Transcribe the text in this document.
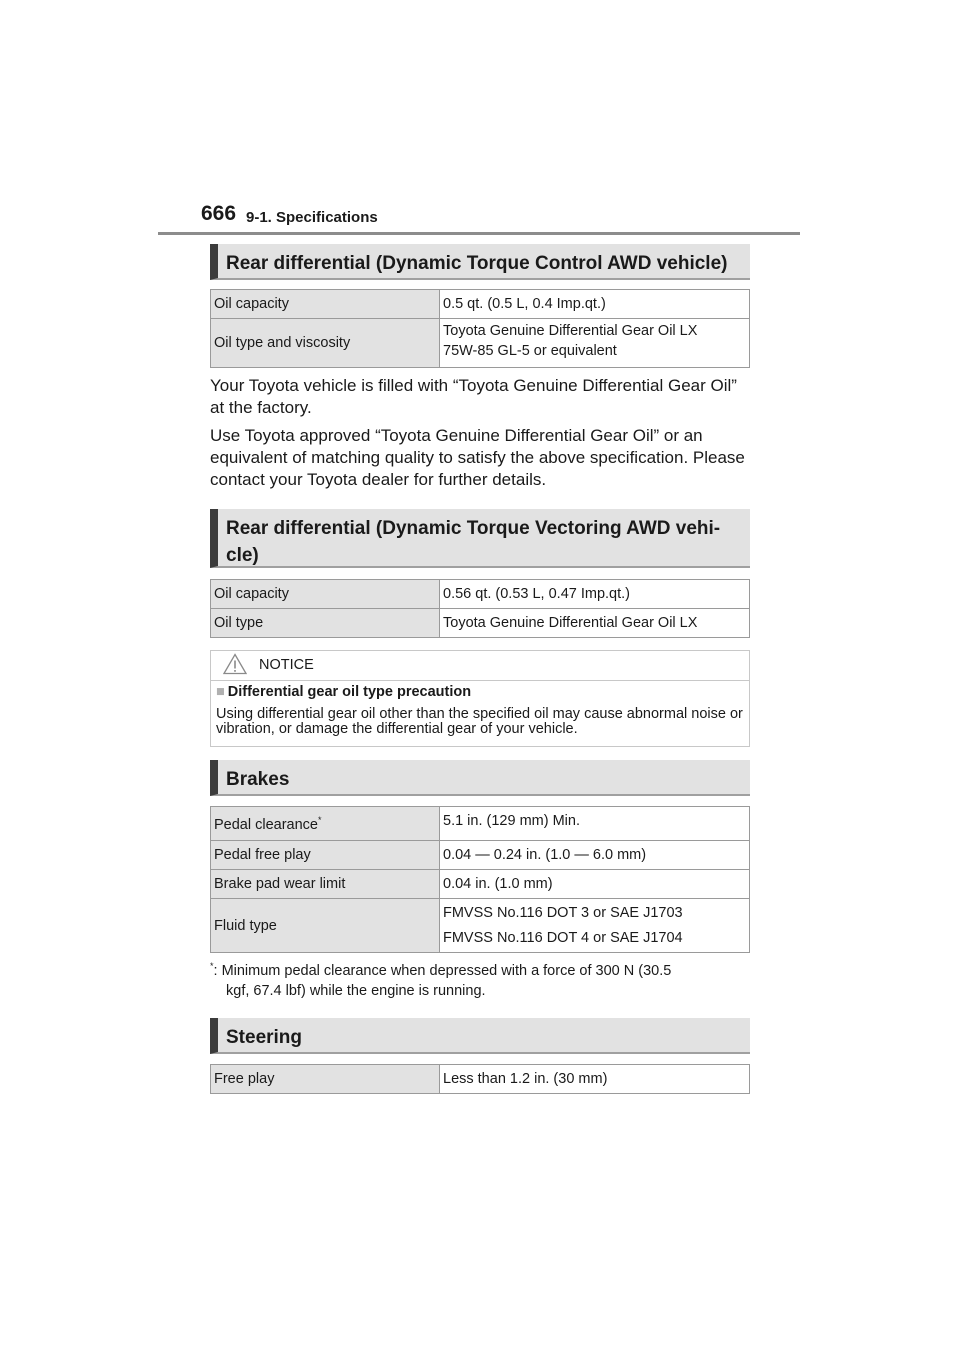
666 9-1. Specifications
Rear differential (Dynamic Torque Control AWD vehicle)
Oil capacity	0.5 qt. (0.5 L, 0.4 Imp.qt.)
Oil type and viscosity	Toyota Genuine Differential Gear Oil LX
75W-85 GL-5 or equivalent
Your Toyota vehicle is filled with “Toyota Genuine Differential Gear Oil” at the factory.
Use Toyota approved “Toyota Genuine Differential Gear Oil” or an equivalent of matching quality to satisfy the above specification. Please contact your Toyota dealer for further details.
Rear differential (Dynamic Torque Vectoring AWD vehi-
cle)
Oil capacity	0.56 qt. (0.53 L, 0.47 Imp.qt.)
Oil type	Toyota Genuine Differential Gear Oil LX
NOTICE
■ Differential gear oil type precaution
Using differential gear oil other than the specified oil may cause abnormal noise or vibration, or damage the differential gear of your vehicle.
Brakes
Pedal clearance*	5.1 in. (129 mm) Min.
Pedal free play	0.04 — 0.24 in. (1.0 — 6.0 mm)
Brake pad wear limit	0.04 in. (1.0 mm)
Fluid type	FMVSS No.116 DOT 3 or SAE J1703
FMVSS No.116 DOT 4 or SAE J1704
*: Minimum pedal clearance when depressed with a force of 300 N (30.5
kgf, 67.4 lbf) while the engine is running.
Steering
Free play	Less than 1.2 in. (30 mm)
